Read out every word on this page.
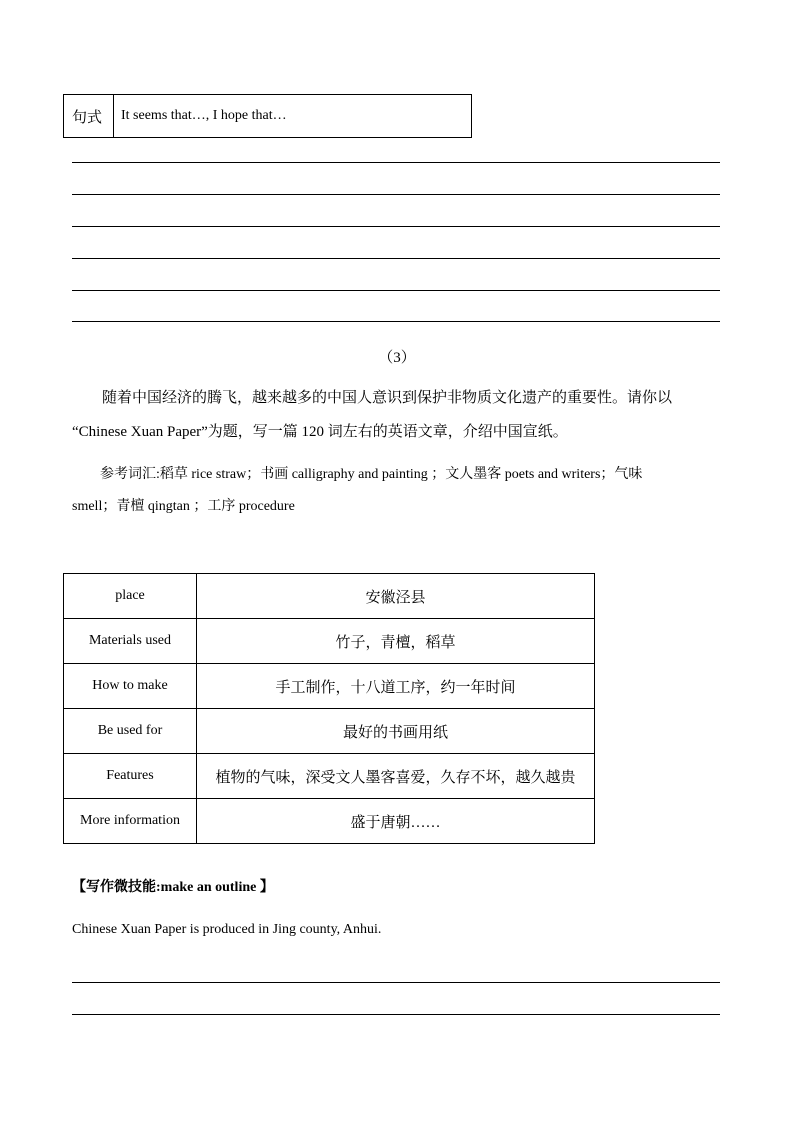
句式	It seems that…, I hope that…
（3）
随着中国经济的腾飞，越来越多的中国人意识到保护非物质文化遗产的重要性。请你以
“Chinese Xuan Paper”为题，写一篇 120 词左右的英语文章，介绍中国宣纸。
参考词汇:稻草 rice straw；书画 calligraphy and painting ；文人墨客 poets and writers；气味
smell；青檀 qingtan ；工序 procedure
place	安徽泾县
Materials used	竹子，青檀，稻草
How to make	手工制作，十八道工序，约一年时间
Be used for	最好的书画用纸
Features	植物的气味，深受文人墨客喜爱，久存不坏，越久越贵
More information	盛于唐朝……
【写作微技能:make an outline 】
Chinese Xuan Paper is produced in Jing county, Anhui.
